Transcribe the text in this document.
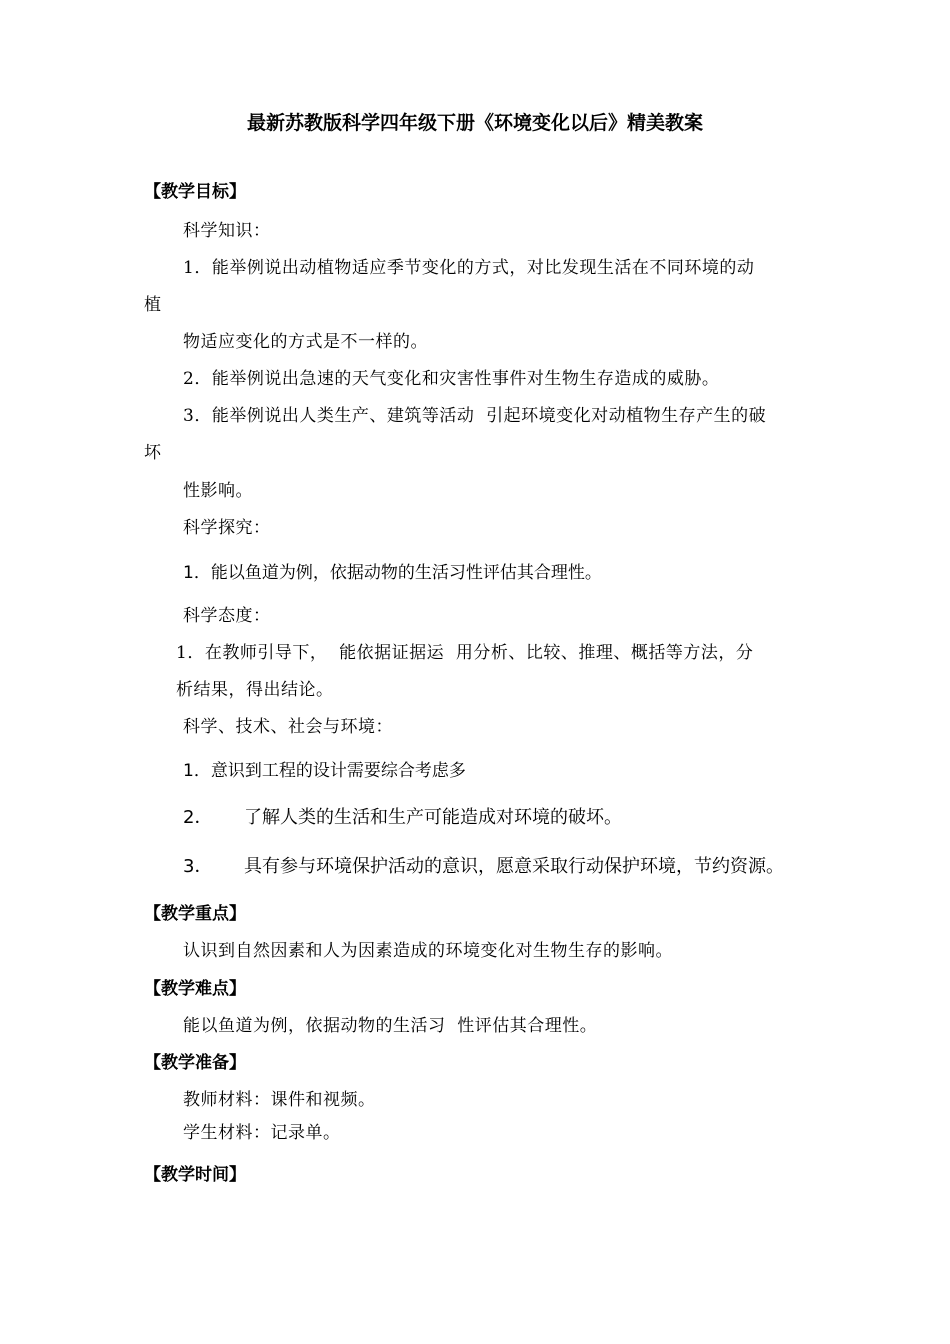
最新苏教版科学四年级下册《环境变化以后》精美教案
【教学目标】
科学知识：
1．能举例说出动植物适应季节变化的方式，对比发现生活在不同环境的动
植
物适应变化的方式是不一样的。
2．能举例说出急速的天气变化和灾害性事件对生物生存造成的威胁。
3．能举例说出人类生产、建筑等活动  引起环境变化对动植物生存产生的破
坏
性影响。
科学探究：
1．能以鱼道为例，依据动物的生活习性评估其合理性。
科学态度：
1．在教师引导下，  能依据证据运  用分析、比较、推理、概括等方法，分
析结果，得出结论。
科学、技术、社会与环境：
1．意识到工程的设计需要综合考虑多
2． 了解人类的生活和生产可能造成对环境的破坏。
3． 具有参与环境保护活动的意识，愿意采取行动保护环境，节约资源。
【教学重点】
认识到自然因素和人为因素造成的环境变化对生物生存的影响。
【教学难点】
能以鱼道为例，依据动物的生活习  性评估其合理性。
【教学准备】
教师材料：课件和视频。
学生材料：记录单。
【教学时间】
